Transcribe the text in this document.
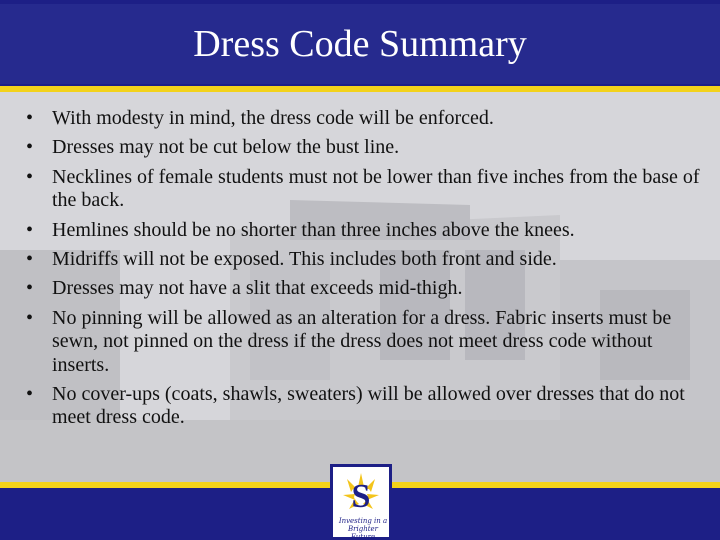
Dress Code Summary
• With modesty in mind, the dress code will be enforced.
• Dresses may not be cut below the bust line.
• Necklines of female students must not be lower than five inches from the base of the back.
• Hemlines should be no shorter than three inches above the knees.
• Midriffs will not be exposed. This includes both front and side.
• Dresses may not have a slit that exceeds mid-thigh.
• No pinning will be allowed as an alteration for a dress. Fabric inserts must be sewn, not pinned on the dress if the dress does not meet dress code without inserts.
• No cover-ups (coats, shawls, sweaters) will be allowed over dresses that do not meet dress code.
S
Investing in a Brighter Future
